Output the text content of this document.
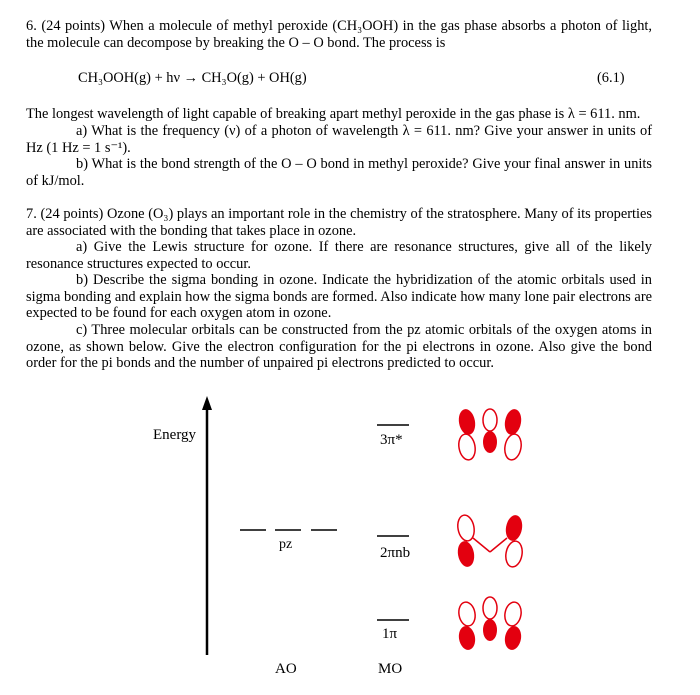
6. (24 points) When a molecule of methyl peroxide (CH₃OOH) in the gas phase absorbs a photon of light, the molecule can decompose by breaking the O – O bond. The process is

CH₃OOH(g) + hν → CH₃O(g) + OH(g)	(6.1)

The longest wavelength of light capable of breaking apart methyl peroxide in the gas phase is λ = 611. nm.

a) What is the frequency (ν) of a photon of wavelength λ = 611. nm? Give your answer in units of Hz (1 Hz = 1 s⁻¹).

b) What is the bond strength of the O – O bond in methyl peroxide? Give your final answer in units of kJ/mol.

7. (24 points) Ozone (O₃) plays an important role in the chemistry of the stratosphere. Many of its properties are associated with the bonding that takes place in ozone.

a) Give the Lewis structure for ozone. If there are resonance structures, give all of the likely resonance structures expected to occur.

b) Describe the sigma bonding in ozone. Indicate the hybridization of the atomic orbitals used in sigma bonding and explain how the sigma bonds are formed. Also indicate how many lone pair electrons are expected to be found for each oxygen atom in ozone.

c) Three molecular orbitals can be constructed from the pz atomic orbitals of the oxygen atoms in ozone, as shown below. Give the electron configuration for the pi electrons in ozone. Also give the bond order for the pi bonds and the number of unpaired pi electrons predicted to occur.

Energy
pz
3π*
2πnb
1π
AO	MO
